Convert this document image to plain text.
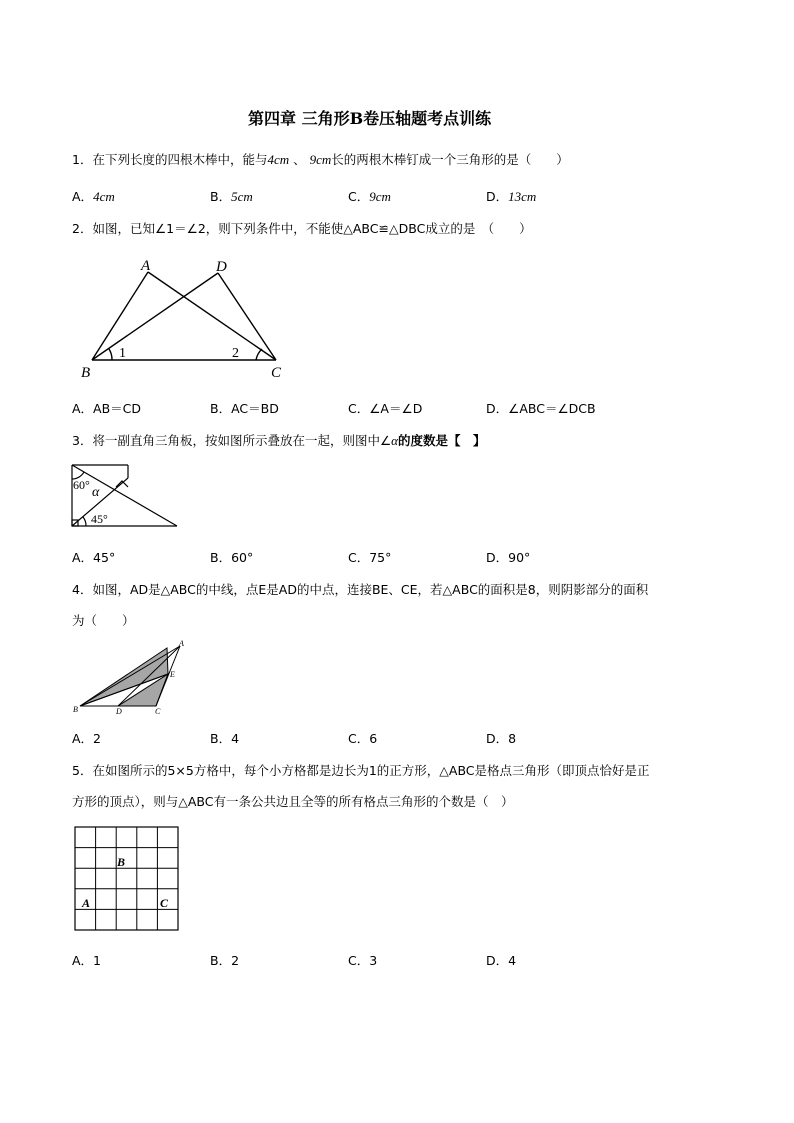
第四章 三角形B卷压轴题考点训练
1．在下列长度的四根木棒中，能与4cm 、 9cm长的两根木棒钉成一个三角形的是（　　）
A．4cm	B．5cm	C．9cm	D．13cm
2．如图，已知∠1＝∠2，则下列条件中，不能使△ABC≌△DBC成立的是　（　　）
A	D
B	C
1	2
A．AB＝CD	B．AC＝BD	C．∠A＝∠D	D．∠ABC＝∠DCB
3．将一副直角三角板，按如图所示叠放在一起，则图中∠α的度数是【　】
60°
45°
α
A．45°	B．60°	C．75°	D．90°
4．如图，AD是△ABC的中线，点E是AD的中点，连接BE、CE，若△ABC的面积是8，则阴影部分的面积
为（　　）
A
B	C
D
E
A．2	B．4	C．6	D．8
5．在如图所示的5×5方格中，每个小方格都是边长为1的正方形，△ABC是格点三角形（即顶点恰好是正
方形的顶点），则与△ABC有一条公共边且全等的所有格点三角形的个数是（　）
B
A	C
A．1	B．2	C．3	D．4
